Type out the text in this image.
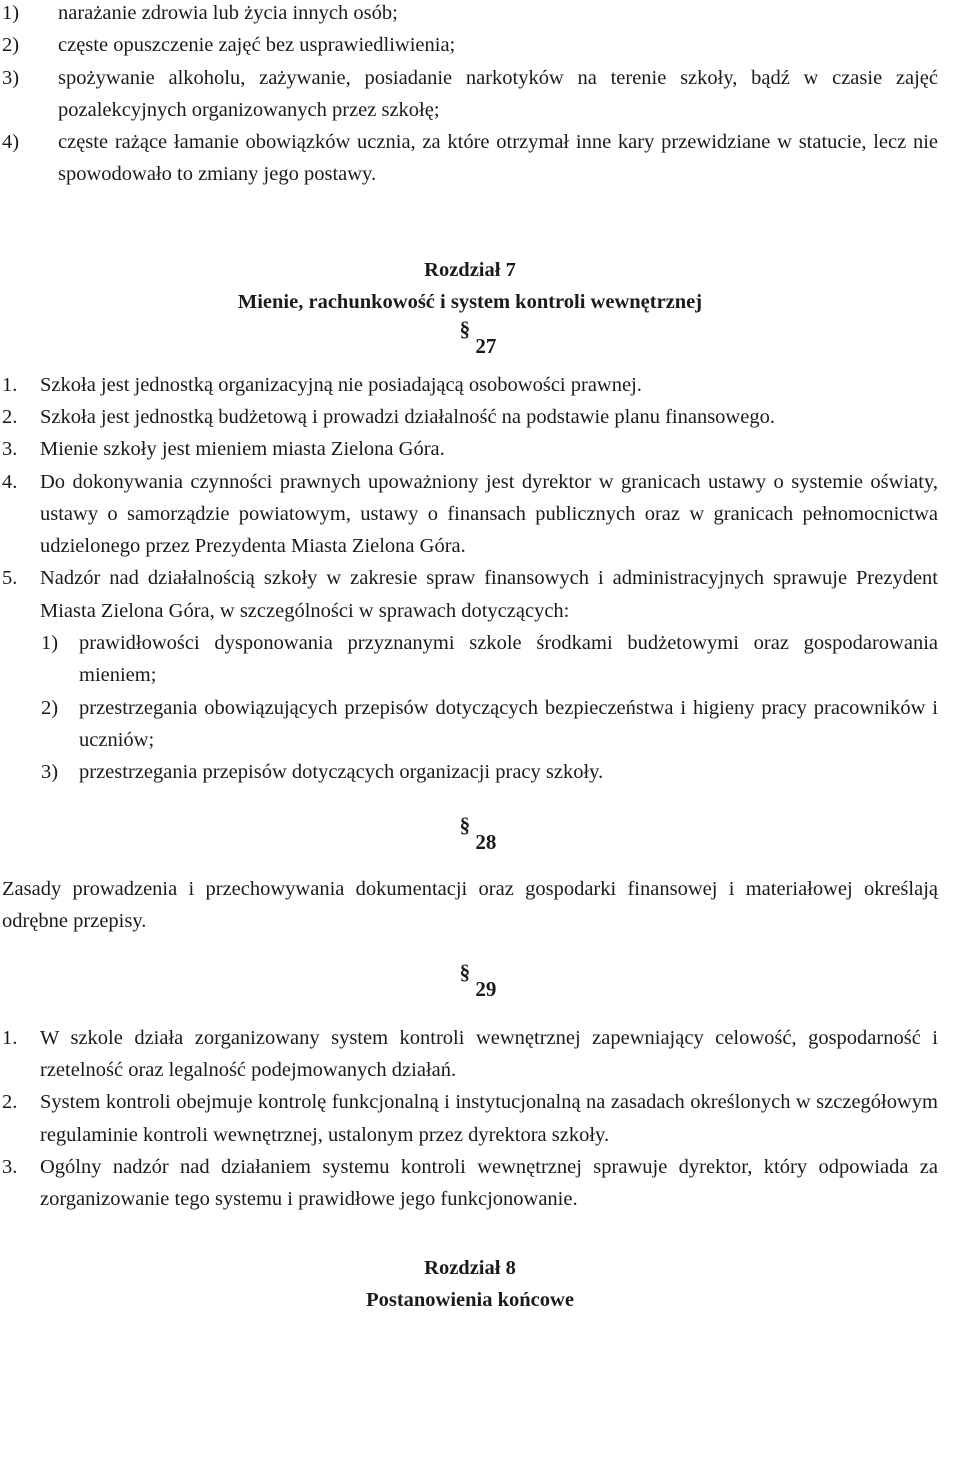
1)	narażanie zdrowia lub życia innych osób;
2)	częste opuszczenie zajęć bez usprawiedliwienia;
3)	spożywanie alkoholu, zażywanie, posiadanie narkotyków na terenie szkoły, bądź w czasie zajęć pozalekcyjnych organizowanych przez szkołę;
4)	częste rażące łamanie obowiązków ucznia, za które otrzymał inne kary przewidziane w statucie, lecz nie spowodowało to zmiany jego postawy.
Rozdział 7
Mienie, rachunkowość i system kontroli wewnętrznej
§ 27
1.	Szkoła jest jednostką organizacyjną nie posiadającą osobowości prawnej.
2.	Szkoła jest jednostką budżetową i prowadzi działalność na podstawie planu finansowego.
3.	Mienie szkoły jest mieniem miasta Zielona Góra.
4.	Do dokonywania czynności prawnych upoważniony jest dyrektor w granicach ustawy o systemie oświaty, ustawy o samorządzie powiatowym, ustawy o finansach publicznych oraz w granicach pełnomocnictwa udzielonego przez Prezydenta Miasta Zielona Góra.
5.	Nadzór nad działalnością szkoły w zakresie spraw finansowych i administracyjnych sprawuje Prezydent Miasta Zielona Góra, w szczególności w sprawach dotyczących:
1)	prawidłowości dysponowania przyznanymi szkole środkami budżetowymi oraz gospodarowania mieniem;
2)	przestrzegania obowiązujących przepisów dotyczących bezpieczeństwa i higieny pracy pracowników i uczniów;
3)	przestrzegania przepisów dotyczących organizacji pracy szkoły.
§ 28
Zasady prowadzenia i przechowywania dokumentacji oraz gospodarki finansowej i materiałowej określają odrębne przepisy.
§ 29
1.	W szkole działa zorganizowany system kontroli wewnętrznej zapewniający celowość, gospodarność i rzetelność oraz legalność podejmowanych działań.
2.	System kontroli obejmuje kontrolę funkcjonalną i instytucjonalną na zasadach określonych w szczegółowym regulaminie kontroli wewnętrznej, ustalonym przez dyrektora szkoły.
3.	Ogólny nadzór nad działaniem systemu kontroli wewnętrznej sprawuje dyrektor, który odpowiada za zorganizowanie tego systemu i prawidłowe jego funkcjonowanie.
Rozdział 8
Postanowienia końcowe
